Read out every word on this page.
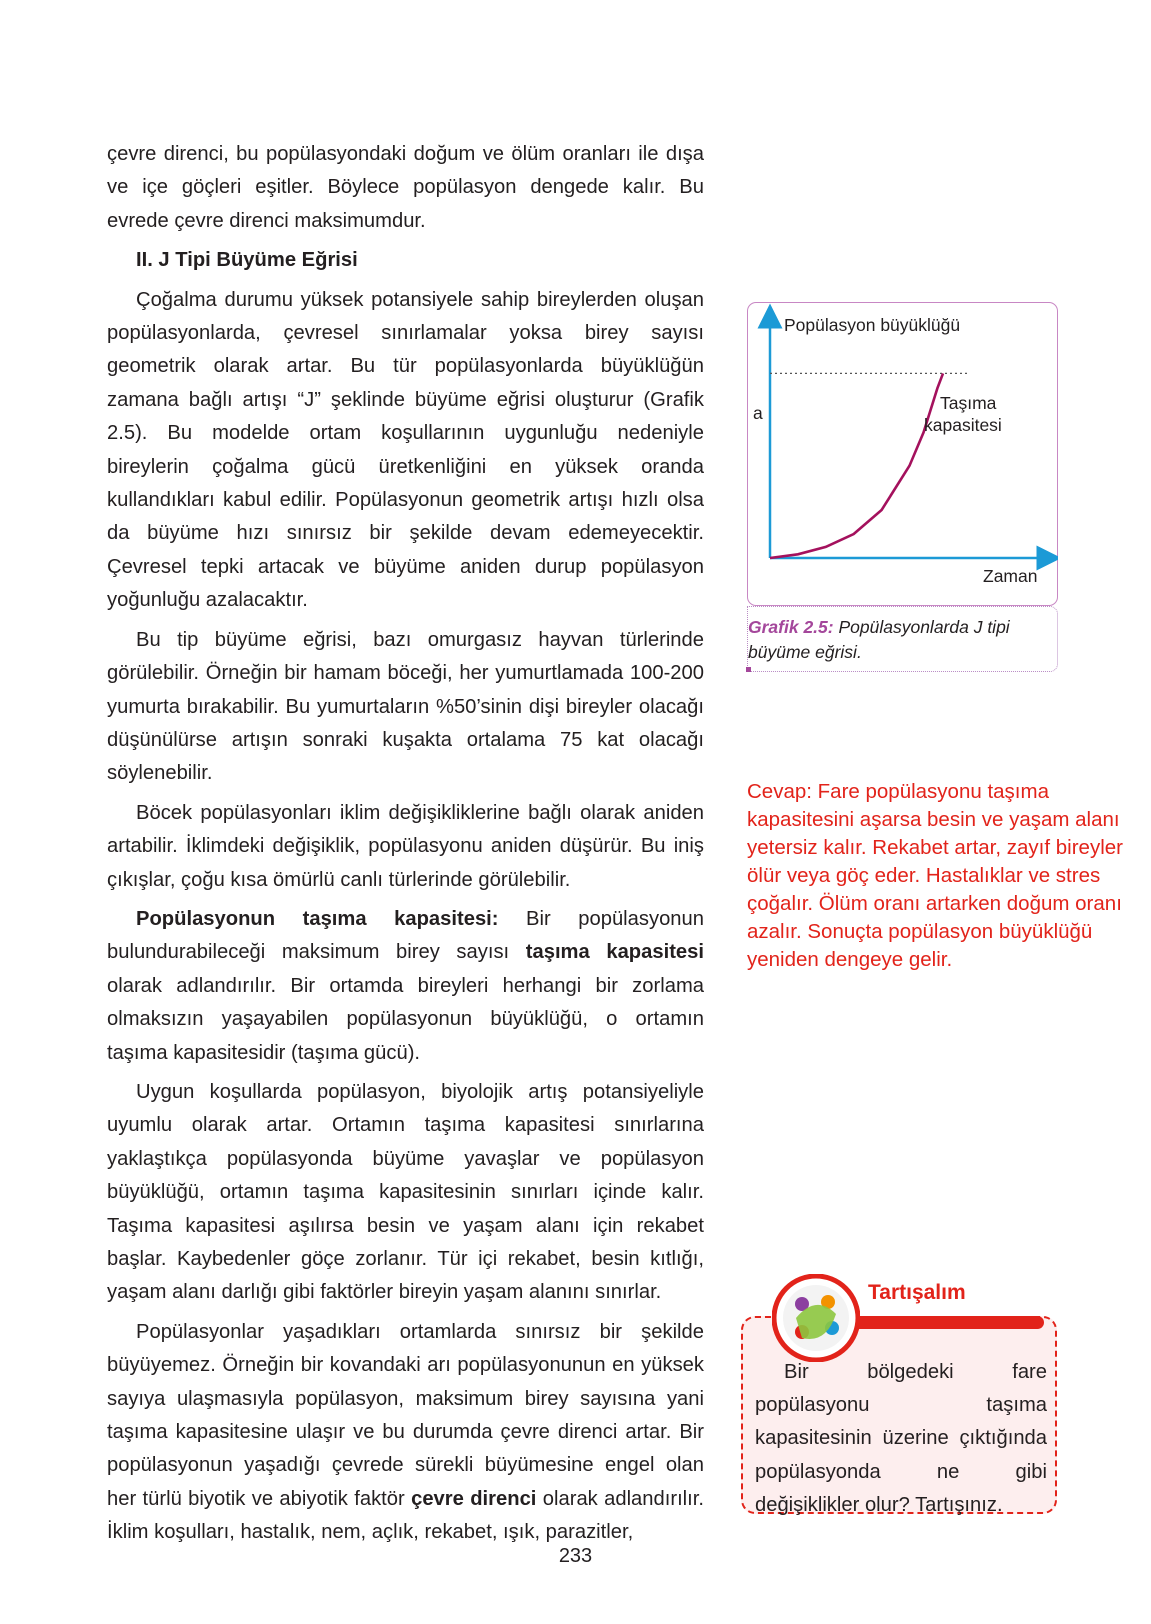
çevre direnci, bu popülasyondaki doğum ve ölüm oranları ile dışa ve içe göçleri eşitler. Böylece popülasyon dengede kalır. Bu evrede çevre direnci maksimumdur.

II. J Tipi Büyüme Eğrisi

Çoğalma durumu yüksek potansiyele sahip bireylerden oluşan popülasyonlarda, çevresel sınırlamalar yoksa birey sayısı geometrik olarak artar. Bu tür popülasyonlarda büyüklüğün zamana bağlı artışı “J” şeklinde büyüme eğrisi oluşturur (Grafik 2.5). Bu modelde ortam koşullarının uygunluğu nedeniyle bireylerin çoğalma gücü üretkenliğini en yüksek oranda kullandıkları kabul edilir. Popülasyonun geometrik artışı hızlı olsa da büyüme hızı sınırsız bir şekilde devam edemeyecektir. Çevresel tepki artacak ve büyüme aniden durup popülasyon yoğunluğu azalacaktır.

Bu tip büyüme eğrisi, bazı omurgasız hayvan türlerinde görülebilir. Örneğin bir hamam böceği, her yumurtlamada 100-200 yumurta bırakabilir. Bu yumurtaların %50’sinin dişi bireyler olacağı düşünülürse artışın sonraki kuşakta ortalama 75 kat olacağı söylenebilir.

Böcek popülasyonları iklim değişikliklerine bağlı olarak aniden artabilir. İklimdeki değişiklik, popülasyonu aniden düşürür. Bu iniş çıkışlar, çoğu kısa ömürlü canlı türlerinde görülebilir.

Popülasyonun taşıma kapasitesi: Bir popülasyonun bulundurabileceği maksimum birey sayısı taşıma kapasitesi olarak adlandırılır. Bir ortamda bireyleri herhangi bir zorlama olmaksızın yaşayabilen popülasyonun büyüklüğü, o ortamın taşıma kapasitesidir (taşıma gücü).

Uygun koşullarda popülasyon, biyolojik artış potansiyeliyle uyumlu olarak artar. Ortamın taşıma kapasitesi sınırlarına yaklaştıkça popülasyonda büyüme yavaşlar ve popülasyon büyüklüğü, ortamın taşıma kapasitesinin sınırları içinde kalır. Taşıma kapasitesi aşılırsa besin ve yaşam alanı için rekabet başlar. Kaybedenler göçe zorlanır. Tür içi rekabet, besin kıtlığı, yaşam alanı darlığı gibi faktörler bireyin yaşam alanını sınırlar.

Popülasyonlar yaşadıkları ortamlarda sınırsız bir şekilde büyüyemez. Örneğin bir kovandaki arı popülasyonunun en yüksek sayıya ulaşmasıyla popülasyon, maksimum birey sayısına yani taşıma kapasitesine ulaşır ve bu durumda çevre direnci artar. Bir popülasyonun yaşadığı çevrede sürekli büyümesine engel olan her türlü biyotik ve abiyotik faktör çevre direnci olarak adlandırılır. İklim koşulları, hastalık, nem, açlık, rekabet, ışık, parazitler,

Popülasyon büyüklüğü
a	Taşıma
kapasitesi
Zaman
Grafik 2.5: Popülasyonlarda J tipi büyüme eğrisi.
Cevap: Fare popülasyonu taşıma kapasitesini aşarsa besin ve yaşam alanı yetersiz kalır. Rekabet artar, zayıf bireyler ölür veya göç eder. Hastalıklar ve stres çoğalır. Ölüm oranı artarken doğum oranı azalır. Sonuçta popülasyon büyüklüğü yeniden dengeye gelir.
Tartışalım
Bir bölgedeki fare popülasyonu taşıma kapasitesinin üzerine çıktığında popülasyonda ne gibi değişiklikler olur? Tartışınız.
233
